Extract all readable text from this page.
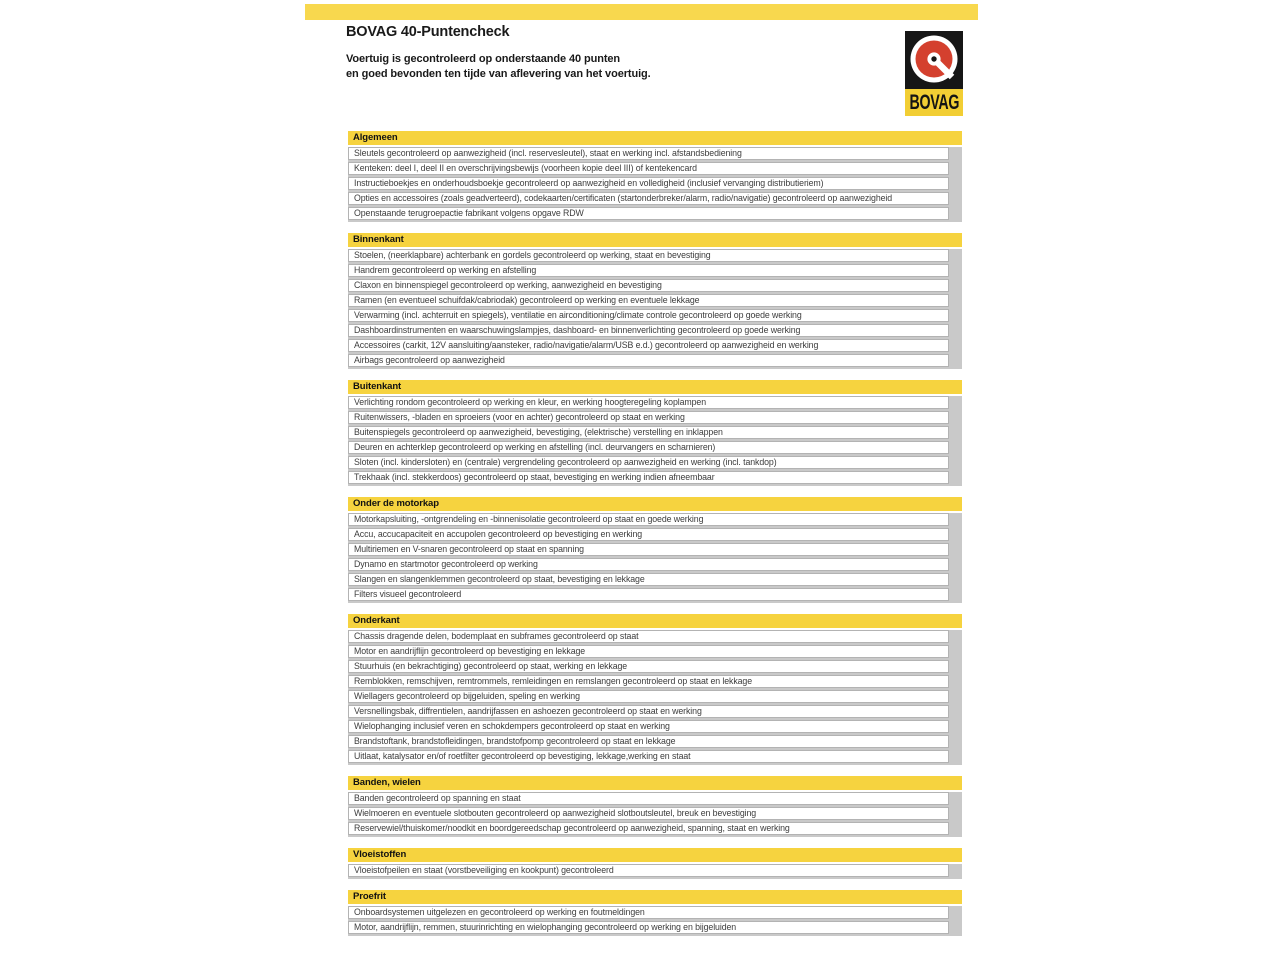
BOVAG 40-Puntencheck
Voertuig is gecontroleerd op onderstaande 40 punten
en goed bevonden ten tijde van aflevering van het voertuig.
BOVAG
Algemeen
Sleutels gecontroleerd op aanwezigheid (incl. reservesleutel), staat en werking incl. afstandsbediening
Kenteken: deel I, deel II en overschrijvingsbewijs (voorheen kopie deel III) of kentekencard
Instructieboekjes en onderhoudsboekje gecontroleerd op aanwezigheid en volledigheid (inclusief vervanging distributieriem)
Opties en accessoires (zoals geadverteerd), codekaarten/certificaten (startonderbreker/alarm, radio/navigatie) gecontroleerd op aanwezigheid
Openstaande terugroepactie fabrikant volgens opgave RDW
Binnenkant
Stoelen, (neerklapbare) achterbank en gordels gecontroleerd op werking, staat en bevestiging
Handrem gecontroleerd op werking en afstelling
Claxon en binnenspiegel gecontroleerd op werking, aanwezigheid en bevestiging
Ramen (en eventueel schuifdak/cabriodak) gecontroleerd op werking en eventuele lekkage
Verwarming (incl. achterruit en spiegels), ventilatie en airconditioning/climate controle gecontroleerd op goede werking
Dashboardinstrumenten en waarschuwingslampjes, dashboard- en binnenverlichting gecontroleerd op goede werking
Accessoires (carkit, 12V aansluiting/aansteker, radio/navigatie/alarm/USB e.d.) gecontroleerd op aanwezigheid en werking
Airbags gecontroleerd op aanwezigheid
Buitenkant
Verlichting rondom gecontroleerd op werking en kleur, en werking hoogteregeling koplampen
Ruitenwissers, -bladen en sproeiers (voor en achter) gecontroleerd op staat en werking
Buitenspiegels gecontroleerd op aanwezigheid, bevestiging, (elektrische) verstelling en inklappen
Deuren en achterklep gecontroleerd op werking en afstelling (incl. deurvangers en scharnieren)
Sloten (incl. kindersloten) en (centrale) vergrendeling gecontroleerd op aanwezigheid en werking (incl. tankdop)
Trekhaak (incl. stekkerdoos) gecontroleerd op staat, bevestiging en werking indien afneembaar
Onder de motorkap
Motorkapsluiting, -ontgrendeling en -binnenisolatie gecontroleerd op staat en goede werking
Accu, accucapaciteit en accupolen gecontroleerd op bevestiging en werking
Multiriemen en V-snaren gecontroleerd op staat en spanning
Dynamo en startmotor gecontroleerd op werking
Slangen en slangenklemmen gecontroleerd op staat, bevestiging en lekkage
Filters visueel gecontroleerd
Onderkant
Chassis dragende delen, bodemplaat en subframes gecontroleerd op staat
Motor en aandrijflijn gecontroleerd op bevestiging en lekkage
Stuurhuis (en bekrachtiging) gecontroleerd op staat, werking en lekkage
Remblokken, remschijven, remtrommels, remleidingen en remslangen gecontroleerd op staat en lekkage
Wiellagers gecontroleerd op bijgeluiden, speling en werking
Versnellingsbak, diffrentielen, aandrijfassen en ashoezen gecontroleerd op staat en werking
Wielophanging inclusief veren en schokdempers gecontroleerd op staat en werking
Brandstoftank, brandstofleidingen, brandstofpomp gecontroleerd op staat en lekkage
Uitlaat, katalysator en/of roetfilter gecontroleerd op bevestiging, lekkage,werking en staat
Banden, wielen
Banden gecontroleerd op spanning en staat
Wielmoeren en eventuele slotbouten gecontroleerd op aanwezigheid slotboutsleutel, breuk en bevestiging
Reservewiel/thuiskomer/noodkit en boordgereedschap gecontroleerd op aanwezigheid, spanning, staat en werking
Vloeistoffen
Vloeistofpeilen en staat (vorstbeveiliging en kookpunt) gecontroleerd
Proefrit
Onboardsystemen uitgelezen en gecontroleerd op werking en foutmeldingen
Motor, aandrijflijn, remmen, stuurinrichting en wielophanging gecontroleerd op werking en bijgeluiden
